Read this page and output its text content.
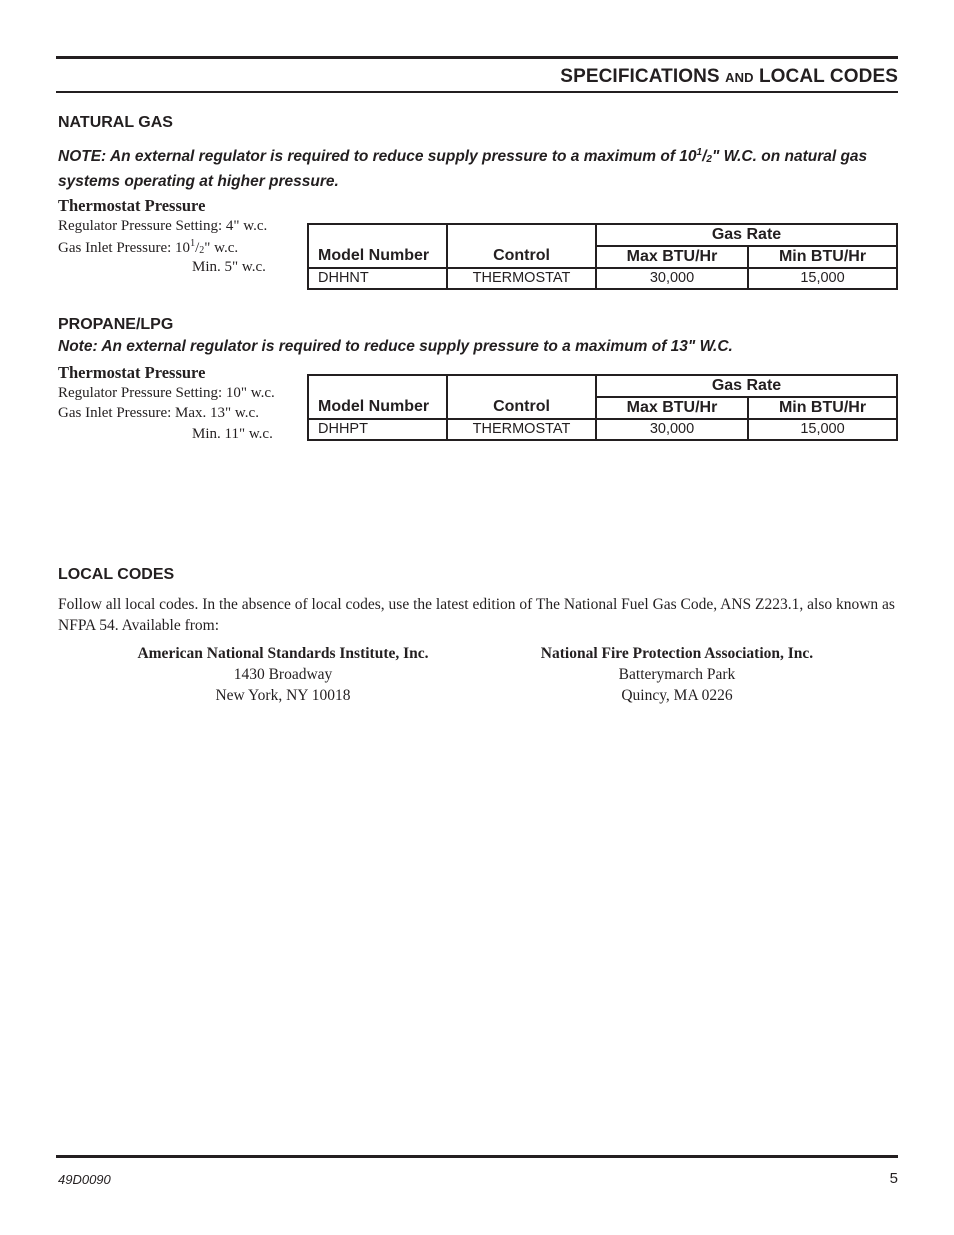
SPECIFICATIONS AND LOCAL CODES
NATURAL GAS
NOTE: An external regulator is required to reduce supply pressure to a maximum of $10^1/2$" W.C. on natural gas systems operating at higher pressure.
Thermostat Pressure
Regulator Pressure Setting: 4" w.c.
Gas Inlet Pressure: $10^1/2$" w.c.
Min. 5" w.c.
Model Number	Control	Gas Rate	
		Max BTU/Hr	Min BTU/Hr
DHHNT	THERMOSTAT	30,000	15,000
PROPANE/LPG
Note: An external regulator is required to reduce supply pressure to a maximum of 13" W.C.
Thermostat Pressure
Regulator Pressure Setting: 10" w.c.
Gas Inlet Pressure: Max. 13" w.c.
Min. 11" w.c.
Model Number	Control	Gas Rate	
		Max BTU/Hr	Min BTU/Hr
DHHPT	THERMOSTAT	30,000	15,000
LOCAL CODES
Follow all local codes. In the absence of local codes, use the latest edition of The National Fuel Gas Code, ANS Z223.1, also known as NFPA 54. Available from:
American National Standards Institute, Inc.
1430 Broadway
New York, NY 10018
National Fire Protection Association, Inc.
Batterymarch Park
Quincy, MA 0226
49D0090	5
